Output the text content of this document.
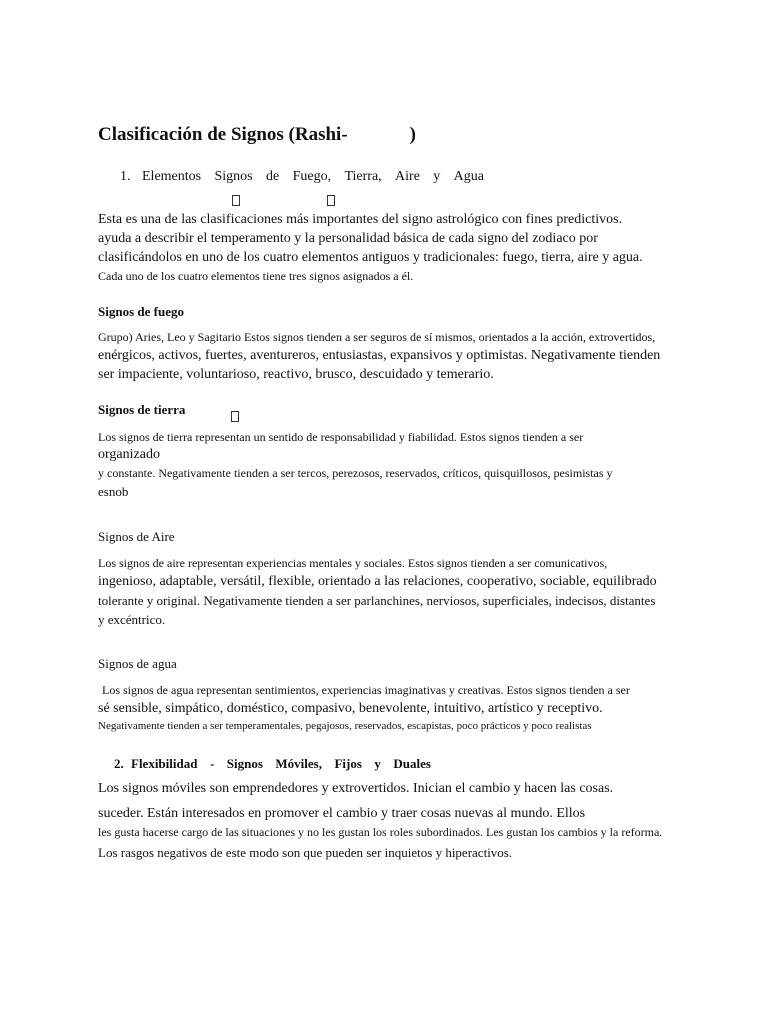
Clasificación de Signos (Rashi-	)
1. Elementos Signos de Fuego, Tierra, Aire y Agua
Esta es una de las clasificaciones más importantes del signo astrológico con fines predictivos.
ayuda a describir el temperamento y la personalidad básica de cada signo del zodiaco por
clasificándolos en uno de los cuatro elementos antiguos y tradicionales: fuego, tierra, aire y agua.
Cada uno de los cuatro elementos tiene tres signos asignados a él.
Signos de fuego
Grupo) Aries, Leo y Sagitario Estos signos tienden a ser seguros de sí mismos, orientados a la acción, extrovertidos,
enérgicos, activos, fuertes, aventureros, entusiastas, expansivos y optimistas. Negativamente tienden
ser impaciente, voluntarioso, reactivo, brusco, descuidado y temerario.
Signos de tierra
Los signos de tierra representan un sentido de responsabilidad y fiabilidad. Estos signos tienden a ser
organizado
y constante. Negativamente tienden a ser tercos, perezosos, reservados, críticos, quisquillosos, pesimistas y
esnob
Signos de Aire
Los signos de aire representan experiencias mentales y sociales. Estos signos tienden a ser comunicativos,
ingenioso, adaptable, versátil, flexible, orientado a las relaciones, cooperativo, sociable, equilibrado
tolerante y original. Negativamente tienden a ser parlanchines, nerviosos, superficiales, indecisos, distantes
y excéntrico.
Signos de agua
Los signos de agua representan sentimientos, experiencias imaginativas y creativas. Estos signos tienden a ser
sé sensible, simpático, doméstico, compasivo, benevolente, intuitivo, artístico y receptivo.
Negativamente tienden a ser temperamentales, pegajosos, reservados, escapistas, poco prácticos y poco realistas
2. Flexibilidad - Signos Móviles, Fijos y Duales
Los signos móviles son emprendedores y extrovertidos. Inician el cambio y hacen las cosas.
suceder. Están interesados en promover el cambio y traer cosas nuevas al mundo. Ellos
les gusta hacerse cargo de las situaciones y no les gustan los roles subordinados. Les gustan los cambios y la reforma.
Los rasgos negativos de este modo son que pueden ser inquietos y hiperactivos.
